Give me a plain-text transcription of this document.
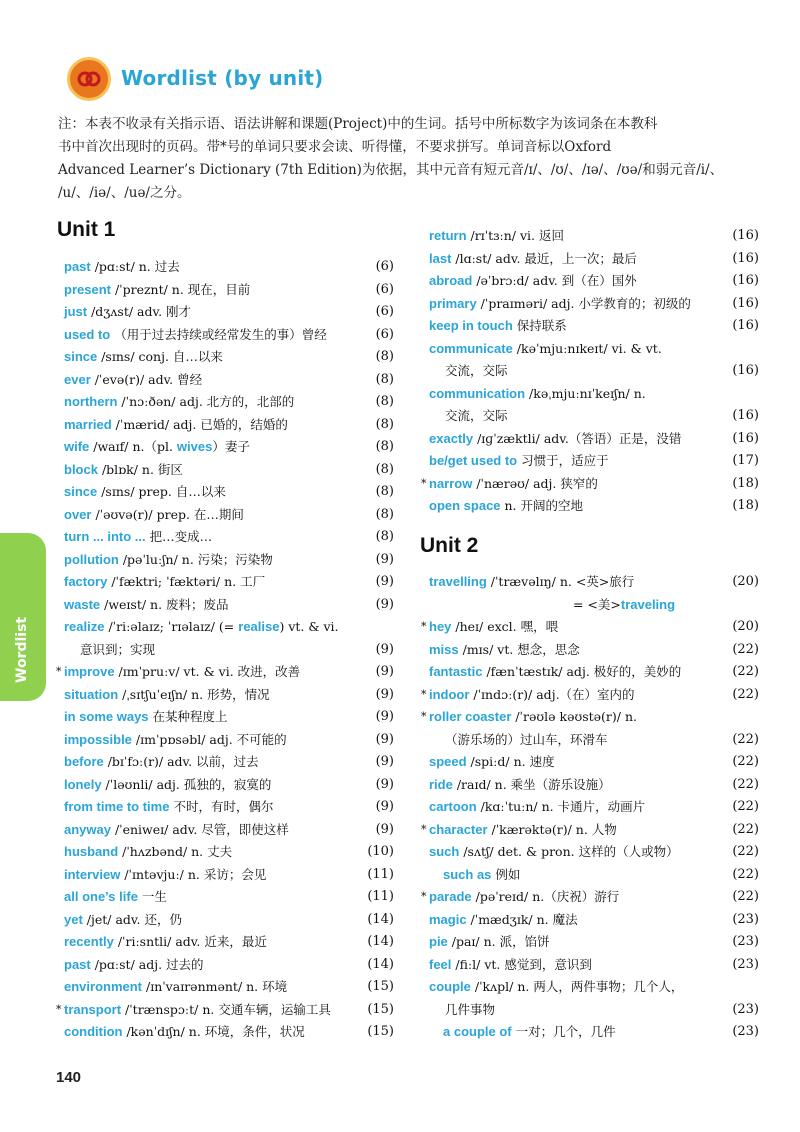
Wordlist (by unit)

注：本表不收录有关指示语、语法讲解和课题(Project)中的生词。括号中所标数字为该词条在本教科

书中首次出现时的页码。带*号的单词只要求会读、听得懂，不要求拼写。单词音标以Oxford

Advanced Learner’s Dictionary (7th Edition)为依据，其中元音有短元音/ɪ/、/ʊ/、/ɪə/、/ʊə/和弱元音/i/、

/u/、/iə/、/uə/之分。

Wordlist
Unit 1
past /pɑːst/ n. 过去	(6)
present /ˈpreznt/ n. 现在，目前	(6)
just /dʒʌst/ adv. 刚才	(6)
used to （用于过去持续或经常发生的事）曾经	(6)
since /sɪns/ conj. 自…以来	(8)
ever /ˈevə(r)/ adv. 曾经	(8)
northern /ˈnɔːðən/ adj. 北方的，北部的	(8)
married /ˈmærid/ adj. 已婚的，结婚的	(8)
wife /waɪf/ n.（pl. wives）妻子	(8)
block /blɒk/ n. 街区	(8)
since /sɪns/ prep. 自…以来	(8)
over /ˈəʊvə(r)/ prep. 在…期间	(8)
turn ... into ... 把…变成…	(8)
pollution /pəˈluːʃn/ n. 污染；污染物	(9)
factory /ˈfæktri; ˈfæktəri/ n. 工厂	(9)
waste /weɪst/ n. 废料；废品	(9)
realize /ˈriːəlaɪz; ˈrɪəlaɪz/ (= realise) vt. & vi.
意识到；实现	(9)
* improve /ɪmˈpruːv/ vt. & vi. 改进，改善	(9)
situation /ˌsɪtʃuˈeɪʃn/ n. 形势，情况	(9)
in some ways 在某种程度上	(9)
impossible /ɪmˈpɒsəbl/ adj. 不可能的	(9)
before /bɪˈfɔː(r)/ adv. 以前，过去	(9)
lonely /ˈləʊnli/ adj. 孤独的，寂寞的	(9)
from time to time 不时，有时，偶尔	(9)
anyway /ˈeniweɪ/ adv. 尽管，即使这样	(9)
husband /ˈhʌzbənd/ n. 丈夫	(10)
interview /ˈɪntəvjuː/ n. 采访；会见	(11)
all one’s life 一生	(11)
yet /jet/ adv. 还，仍	(14)
recently /ˈriːsntli/ adv. 近来，最近	(14)
past /pɑːst/ adj. 过去的	(14)
environment /ɪnˈvaɪrənmənt/ n. 环境	(15)
* transport /ˈtrænspɔːt/ n. 交通车辆，运输工具	(15)
condition /kənˈdɪʃn/ n. 环境，条件，状况	(15)
return /rɪˈtɜːn/ vi. 返回	(16)
last /lɑːst/ adv. 最近，上一次；最后	(16)
abroad /əˈbrɔːd/ adv. 到（在）国外	(16)
primary /ˈpraɪməri/ adj. 小学教育的；初级的	(16)
keep in touch 保持联系	(16)
communicate /kəˈmjuːnɪkeɪt/ vi. & vt.
交流，交际	(16)
communication /kəˌmjuːnɪˈkeɪʃn/ n.
交流，交际	(16)
exactly /ɪɡˈzæktli/ adv.（答语）正是，没错	(16)
be/get used to 习惯于，适应于	(17)
* narrow /ˈnærəʊ/ adj. 狭窄的	(18)
open space n. 开阔的空地	(18)
Unit 2
travelling /ˈtrævəlɪŋ/ n. <英>旅行	(20)
= <美>traveling
* hey /heɪ/ excl. 嘿，喂	(20)
miss /mɪs/ vt. 想念，思念	(22)
fantastic /fænˈtæstɪk/ adj. 极好的，美妙的	(22)
* indoor /ˈɪndɔː(r)/ adj.（在）室内的	(22)
* roller coaster /ˈrəʊlə kəʊstə(r)/ n.
（游乐场的）过山车，环滑车	(22)
speed /spiːd/ n. 速度	(22)
ride /raɪd/ n. 乘坐（游乐设施）	(22)
cartoon /kɑːˈtuːn/ n. 卡通片，动画片	(22)
* character /ˈkærəktə(r)/ n. 人物	(22)
such /sʌtʃ/ det. & pron. 这样的（人或物）	(22)
such as 例如	(22)
* parade /pəˈreɪd/ n.（庆祝）游行	(22)
magic /ˈmædʒɪk/ n. 魔法	(23)
pie /paɪ/ n. 派，馅饼	(23)
feel /fiːl/ vt. 感觉到，意识到	(23)
couple /ˈkʌpl/ n. 两人，两件事物；几个人，
几件事物	(23)
a couple of 一对；几个，几件	(23)
140
